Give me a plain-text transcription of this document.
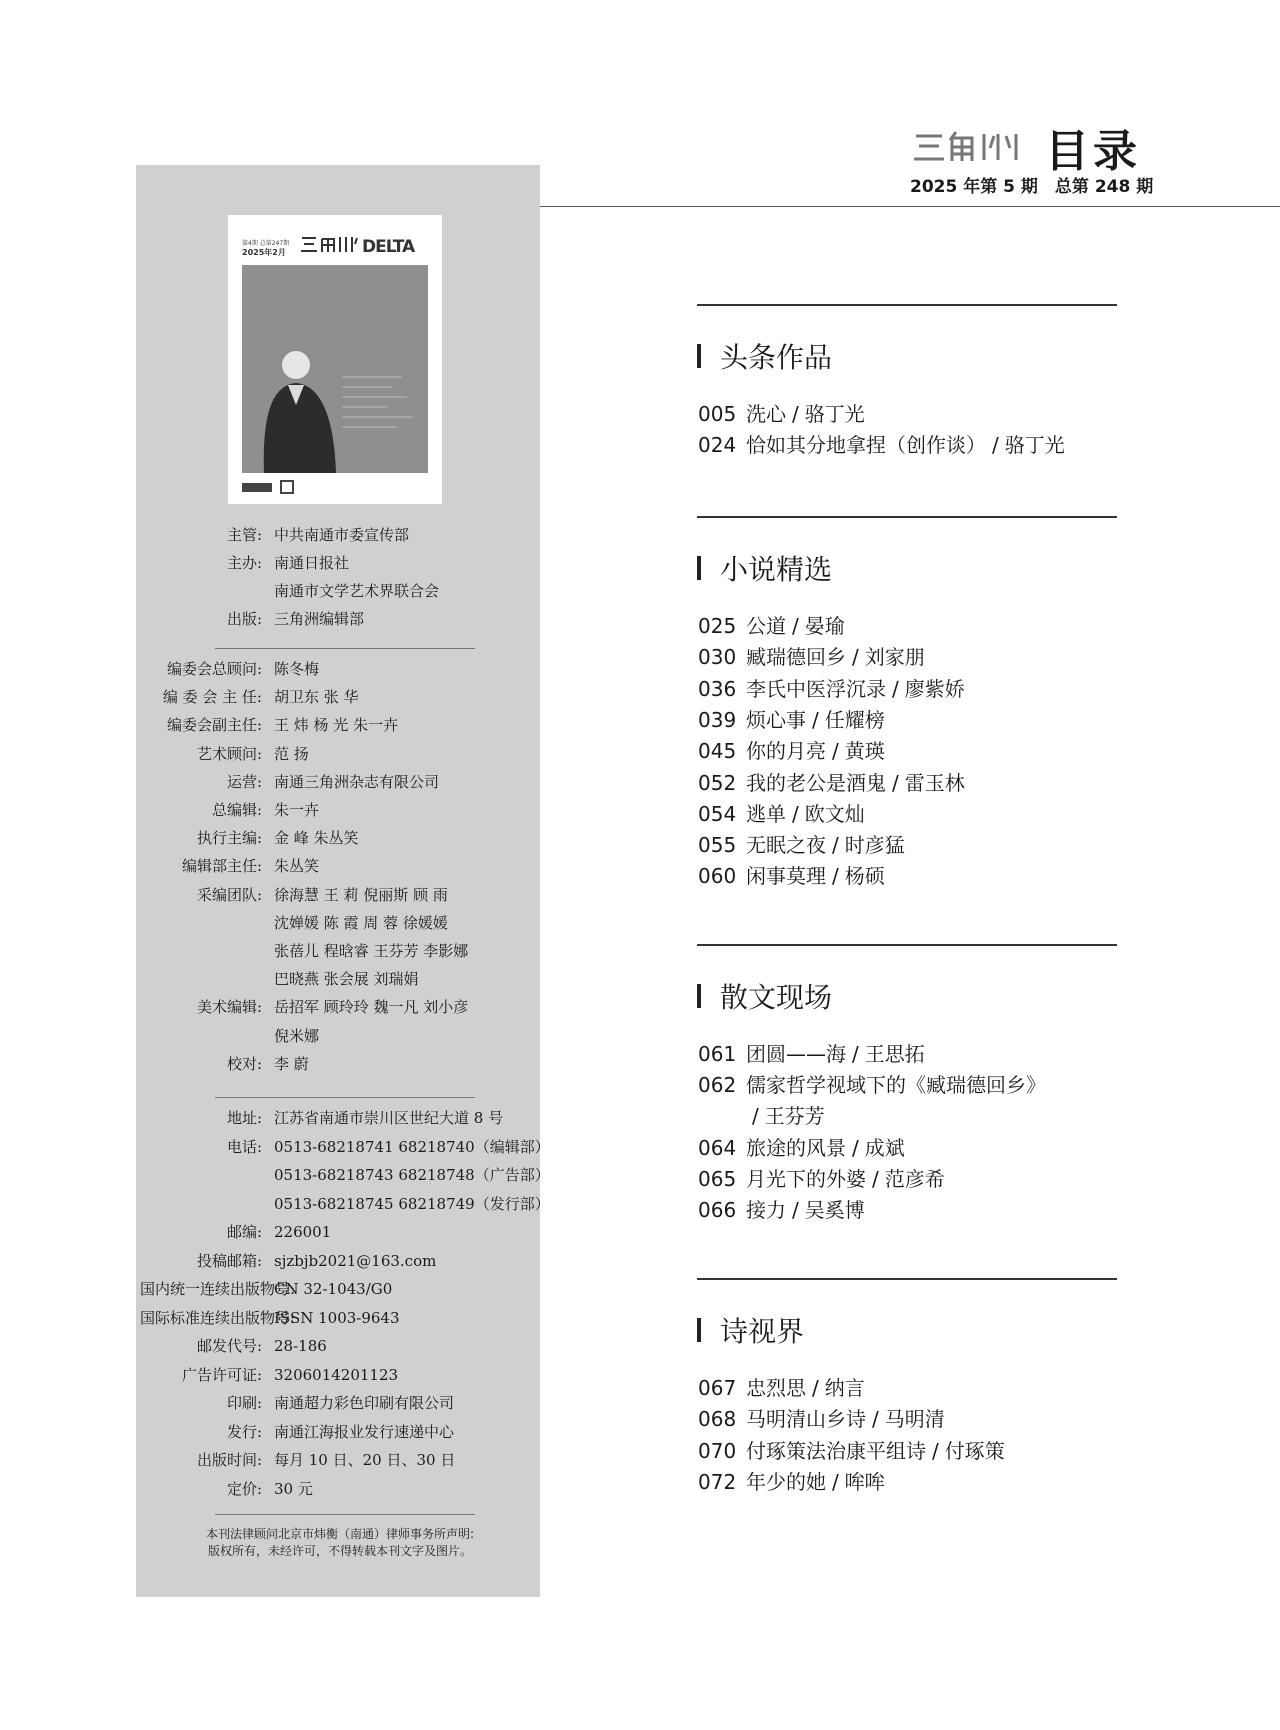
目录
2025 年第 5 期　总第 248 期
第4期 总第247期
2025年2月	DELTA
主管: 中共南通市委宣传部
主办: 南通日报社
南通市文学艺术界联合会
出版: 三角洲编辑部
编委会总顾问: 陈冬梅
编 委 会 主 任: 胡卫东 张 华
编委会副主任: 王 炜 杨 光 朱一卉
艺术顾问: 范 扬
运营: 南通三角洲杂志有限公司
总编辑: 朱一卉
执行主编: 金 峰 朱丛笑
编辑部主任: 朱丛笑
采编团队: 徐海慧 王 莉 倪丽斯 顾 雨
沈婵媛 陈 霞 周 蓉 徐媛媛
张蓓儿 程晗睿 王芬芳 李影娜
巴晓燕 张会展 刘瑞娟
美术编辑: 岳招军 顾玲玲 魏一凡 刘小彦
倪米娜
校对: 李 蔚
地址: 江苏省南通市崇川区世纪大道 8 号
电话: 0513-68218741 68218740（编辑部）
0513-68218743 68218748（广告部）
0513-68218745 68218749（发行部）
邮编: 226001
投稿邮箱: sjzbjb2021@163.com
国内统一连续出版物号:
CN 32-1043/G0
国际标准连续出版物号:
ISSN 1003-9643
邮发代号: 28-186
广告许可证: 3206014201123
印刷: 南通超力彩色印刷有限公司
发行: 南通江海报业发行速递中心
出版时间: 每月 10 日、20 日、30 日
定价: 30 元
本刊法律顾问北京市炜衡（南通）律师事务所声明:
版权所有，未经许可，不得转载本刊文字及图片。
头条作品
005 洗心 / 骆丁光
024 恰如其分地拿捏（创作谈） / 骆丁光
小说精选
025 公道 / 晏瑜
030 臧瑞德回乡 / 刘家朋
036 李氏中医浮沉录 / 廖紫娇
039 烦心事 / 任耀榜
045 你的月亮 / 黄瑛
052 我的老公是酒鬼 / 雷玉林
054 逃单 / 欧文灿
055 无眠之夜 / 时彦猛
060 闲事莫理 / 杨硕
散文现场
061 团圆——海 / 王思拓
062 儒家哲学视域下的《臧瑞德回乡》
/ 王芬芳
064 旅途的风景 / 成斌
065 月光下的外婆 / 范彦希
066 接力 / 吴奚博
诗视界
067 忠烈思 / 纳言
068 马明清山乡诗 / 马明清
070 付琢策法治康平组诗 / 付琢策
072 年少的她 / 哞哞
